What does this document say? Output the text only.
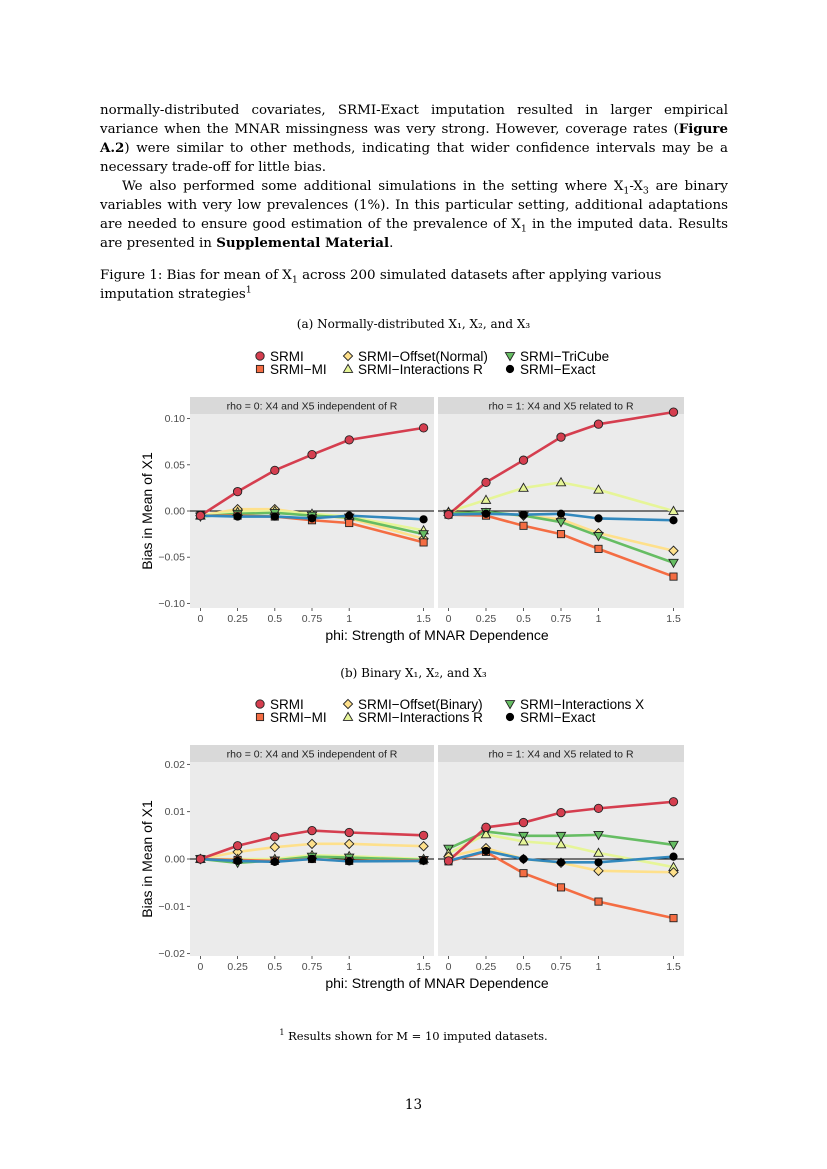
normally-distributed covariates, SRMI-Exact imputation resulted in larger empirical variance when the MNAR missingness was very strong. However, coverage rates (Figure A.2) were similar to other methods, indicating that wider confidence intervals may be a necessary trade-off for little bias.

We also performed some additional simulations in the setting where $X_1-X_3$ are binary variables with very low prevalences (1%). In this particular setting, additional adaptations are needed to ensure good estimation of the prevalence of $X_1$ in the imputed data. Results are presented in Supplemental Material.

Figure 1: Bias for mean of $X_1$ across 200 simulated datasets after applying various imputation strategies$^1$

(a) Normally-distributed X₁, X₂, and X₃
SRMI	SRMI−Offset(Normal) SRMI−TriCube
SRMI−MI SRMI−Interactions R	SRMI−Exact
rho = 0: X4 and X5 independent of R
0 0.25 0.5 0.75 1	1.5
rho = 1: X4 and X5 related to R
0 0.25 0.5 0.75 1	1.5
−0.10
−0.05
0.00
0.05
0.10
phi: Strength of MNAR Dependence
Bias in Mean of X1
(b) Binary X₁, X₂, and X₃
SRMI	SRMI−Offset(Binary)	SRMI−Interactions X
SRMI−MI SRMI−Interactions R	SRMI−Exact
rho = 0: X4 and X5 independent of R
0 0.25 0.5 0.75 1	1.5
rho = 1: X4 and X5 related to R
0 0.25 0.5 0.75 1	1.5
−0.02
−0.01
0.00
0.01
0.02
phi: Strength of MNAR Dependence
Bias in Mean of X1
$^1$ Results shown for M = 10 imputed datasets.
13
